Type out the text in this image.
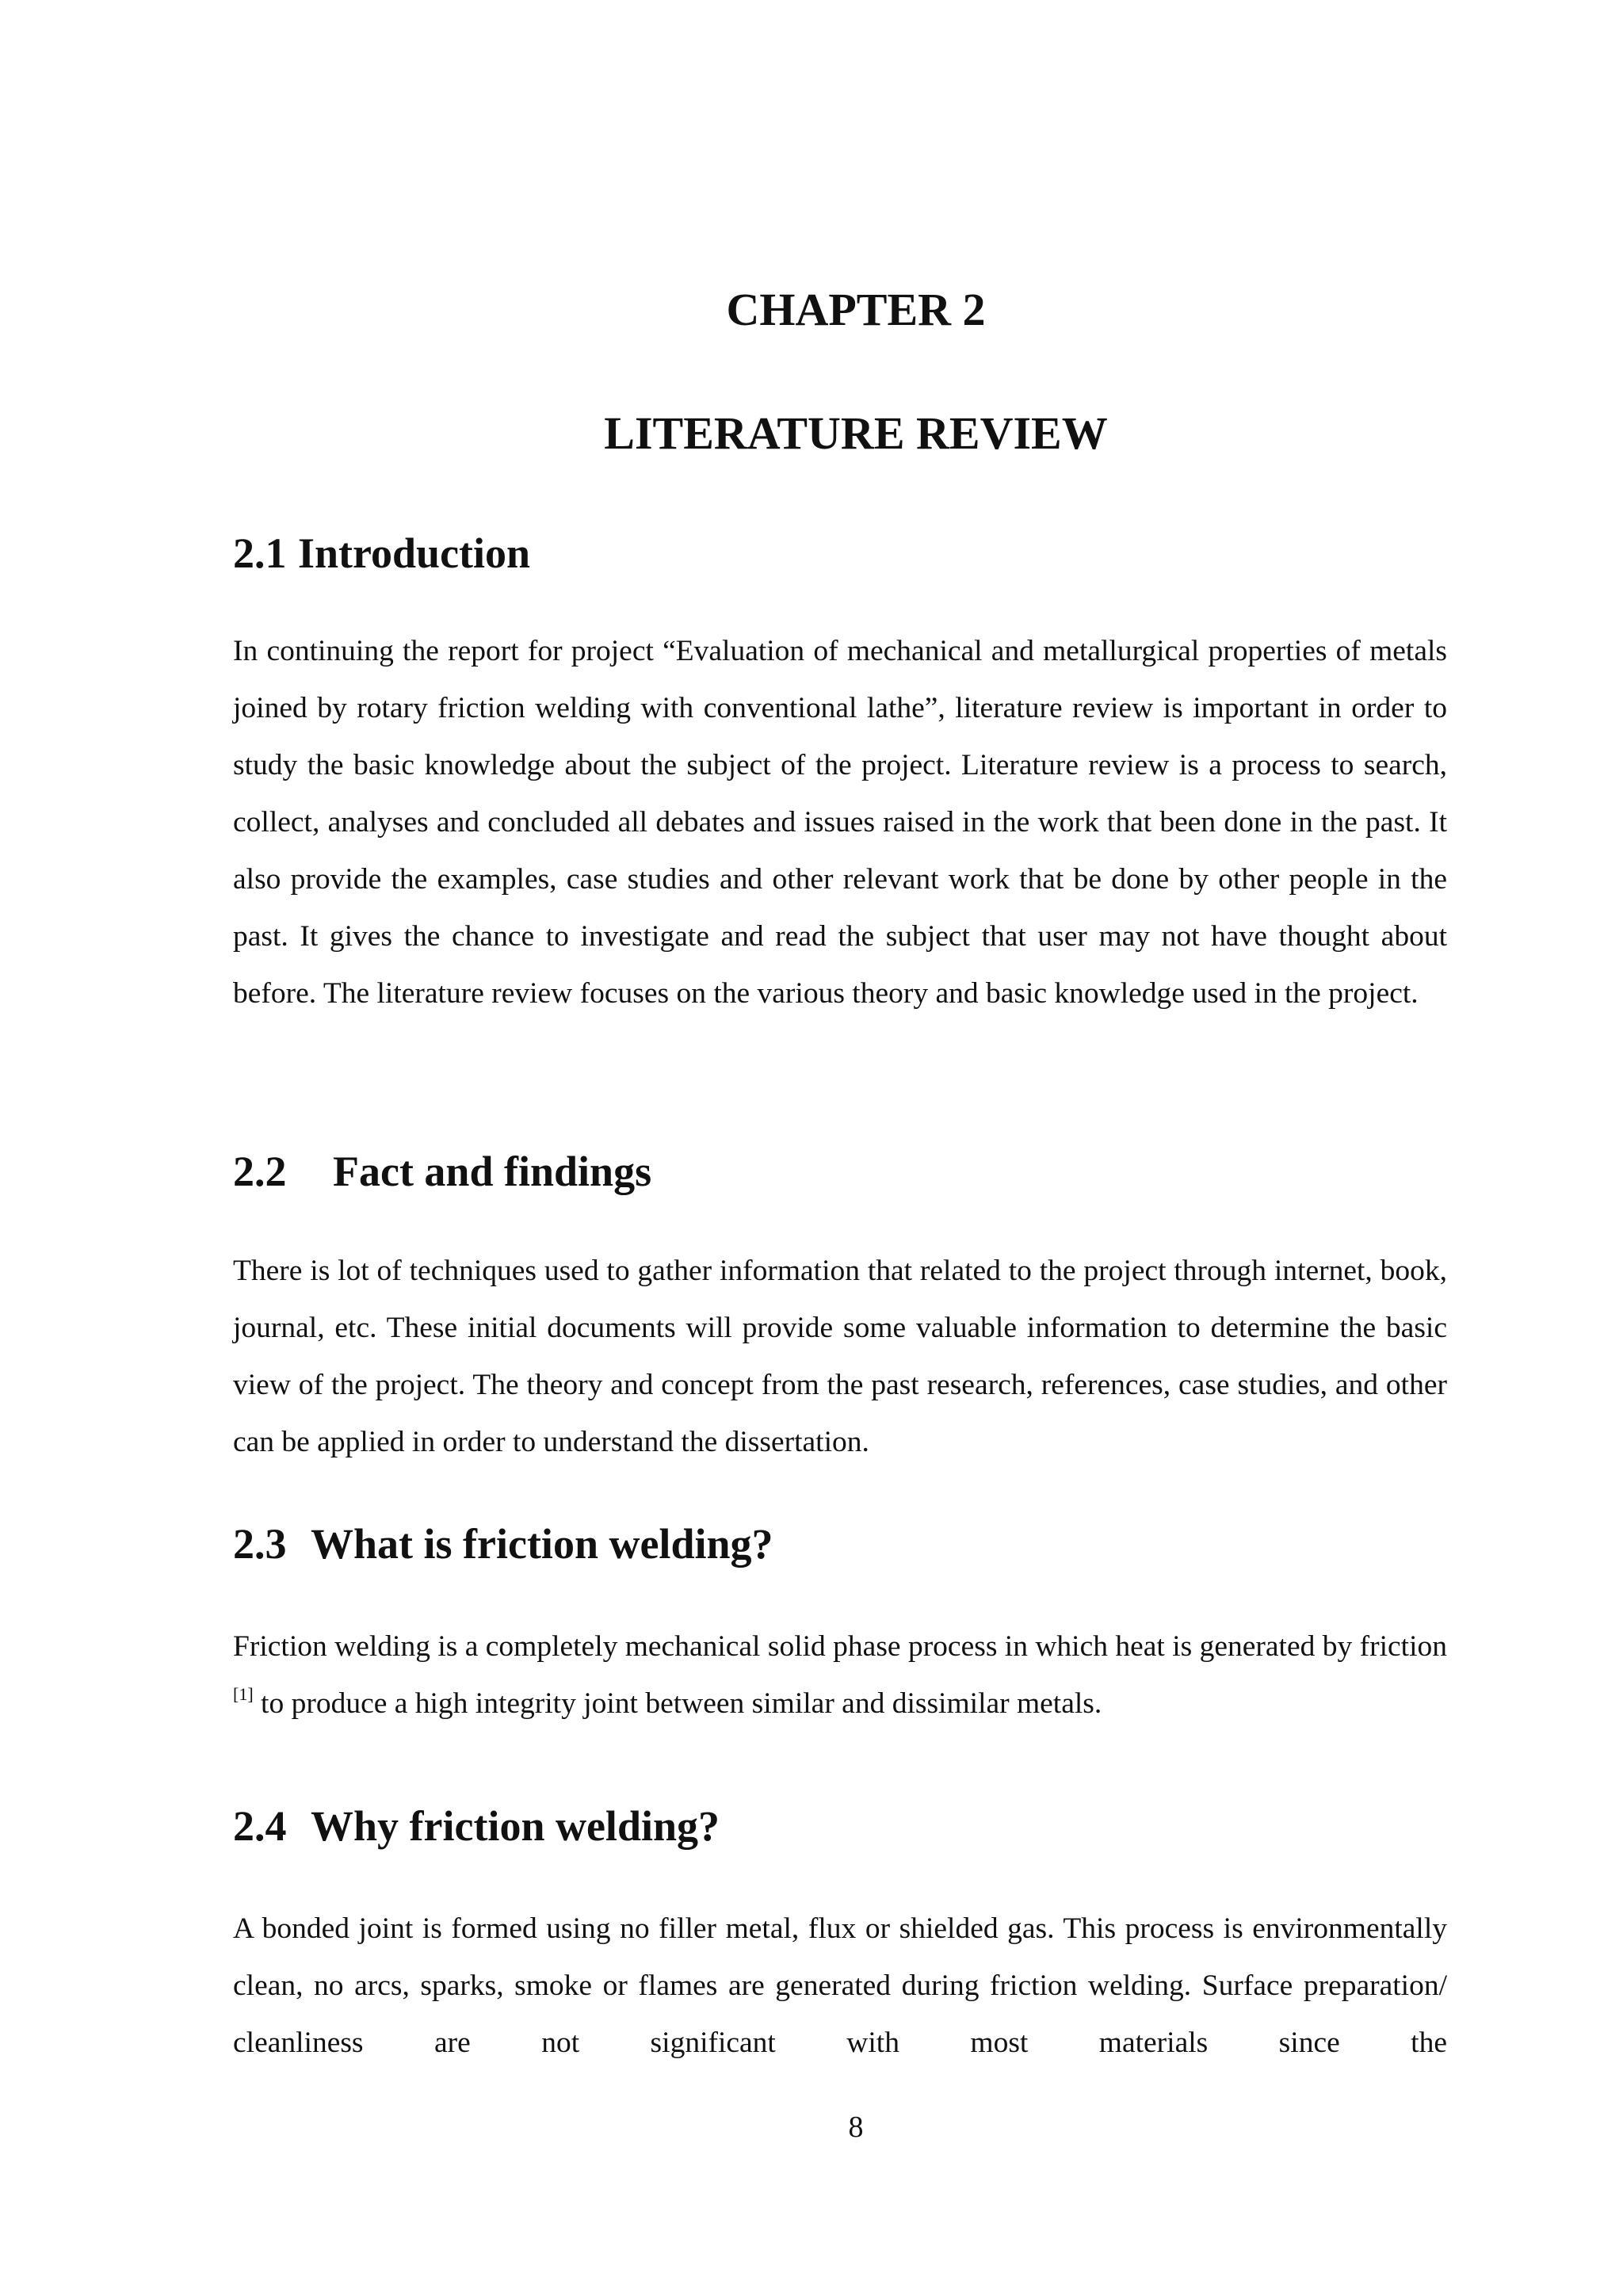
CHAPTER 2
LITERATURE REVIEW
2.1 Introduction

In continuing the report for project “Evaluation of mechanical and metallurgical properties of metals joined by rotary friction welding with conventional lathe”, literature review is important in order to study the basic knowledge about the subject of the project. Literature review is a process to search, collect, analyses and concluded all debates and issues raised in the work that been done in the past. It also provide the examples, case studies and other relevant work that be done by other people in the past. It gives the chance to investigate and read the subject that user may not have thought about before. The literature review focuses on the various theory and basic knowledge used in the project.

2.2 Fact and findings

There is lot of techniques used to gather information that related to the project through internet, book, journal, etc. These initial documents will provide some valuable information to determine the basic view of the project. The theory and concept from the past research, references, case studies, and other can be applied in order to understand the dissertation.

2.3 What is friction welding?

Friction welding is a completely mechanical solid phase process in which heat is generated by friction [1] to produce a high integrity joint between similar and dissimilar metals.

2.4 Why friction welding?

A bonded joint is formed using no filler metal, flux or shielded gas. This process is environmentally clean, no arcs, sparks, smoke or flames are generated during friction welding. Surface preparation/ cleanliness are not significant with most materials since the

8
